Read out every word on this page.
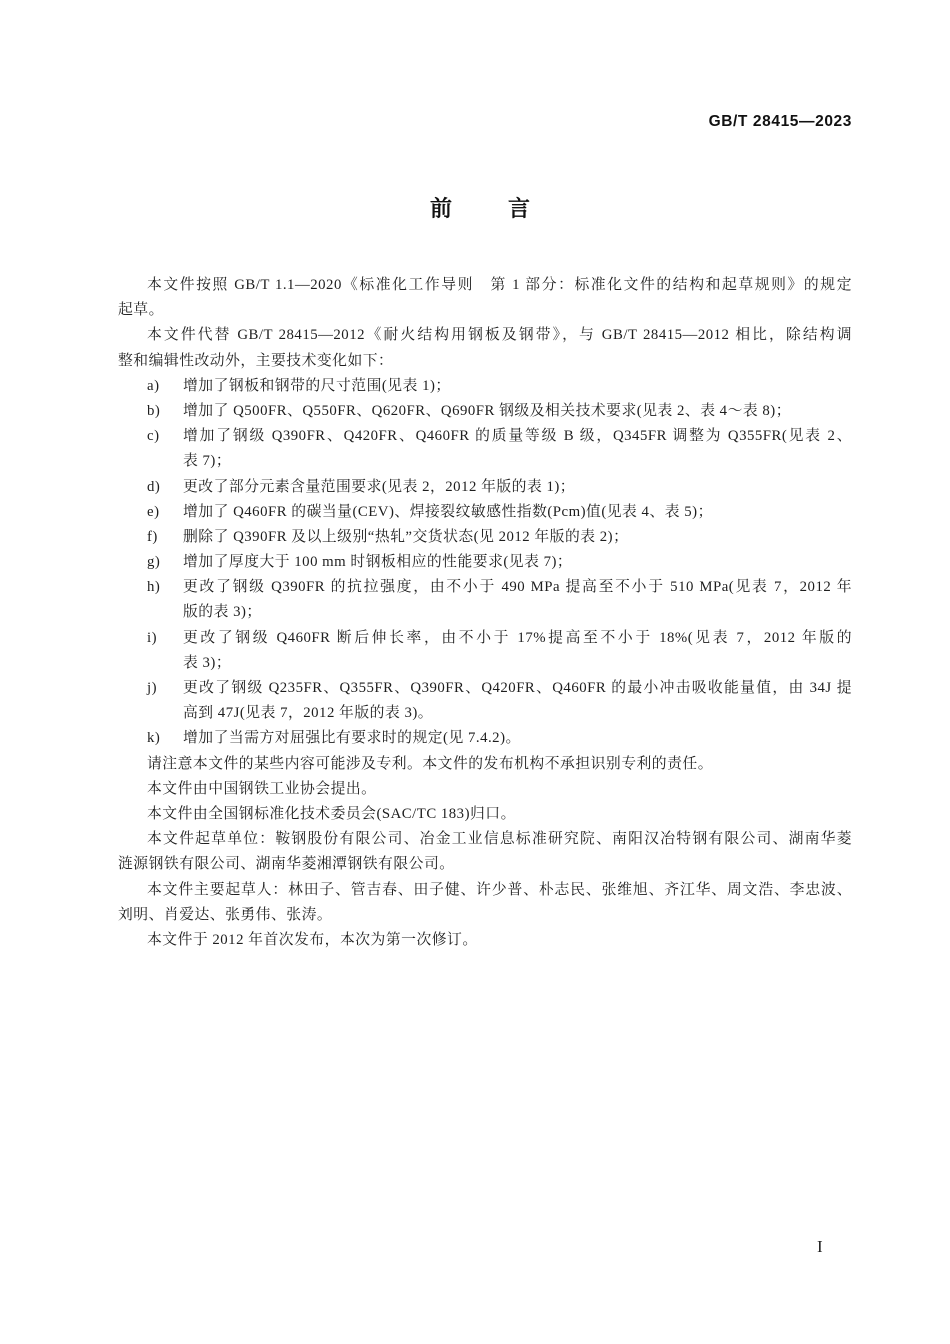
GB/T 28415—2023
前　言
本文件按照 GB/T 1.1—2020《标准化工作导则　第 1 部分：标准化文件的结构和起草规则》的规定
起草。
本文件代替 GB/T 28415—2012《耐火结构用钢板及钢带》，与 GB/T 28415—2012 相比，除结构调
整和编辑性改动外，主要技术变化如下：
a) 增加了钢板和钢带的尺寸范围(见表 1)；
b) 增加了 Q500FR、Q550FR、Q620FR、Q690FR 钢级及相关技术要求(见表 2、表 4～表 8)；
c) 增加了钢级 Q390FR、Q420FR、Q460FR 的质量等级 B 级，Q345FR 调整为 Q355FR(见表 2、
表 7)；
d) 更改了部分元素含量范围要求(见表 2，2012 年版的表 1)；
e) 增加了 Q460FR 的碳当量(CEV)、焊接裂纹敏感性指数(Pcm)值(见表 4、表 5)；
f) 删除了 Q390FR 及以上级别“热轧”交货状态(见 2012 年版的表 2)；
g) 增加了厚度大于 100 mm 时钢板相应的性能要求(见表 7)；
h) 更改了钢级 Q390FR 的抗拉强度，由不小于 490 MPa 提高至不小于 510 MPa(见表 7，2012 年
版的表 3)；
i) 更改了钢级 Q460FR 断后伸长率，由不小于 17%提高至不小于 18%(见表 7，2012 年版的
表 3)；
j) 更改了钢级 Q235FR、Q355FR、Q390FR、Q420FR、Q460FR 的最小冲击吸收能量值，由 34J 提
高到 47J(见表 7，2012 年版的表 3)。
k) 增加了当需方对屈强比有要求时的规定(见 7.4.2)。
请注意本文件的某些内容可能涉及专利。本文件的发布机构不承担识别专利的责任。
本文件由中国钢铁工业协会提出。
本文件由全国钢标准化技术委员会(SAC/TC 183)归口。
本文件起草单位：鞍钢股份有限公司、冶金工业信息标准研究院、南阳汉冶特钢有限公司、湖南华菱
涟源钢铁有限公司、湖南华菱湘潭钢铁有限公司。
本文件主要起草人：林田子、管吉春、田子健、许少普、朴志民、张维旭、齐江华、周文浩、李忠波、
刘明、肖爱达、张勇伟、张涛。
本文件于 2012 年首次发布，本次为第一次修订。
I
